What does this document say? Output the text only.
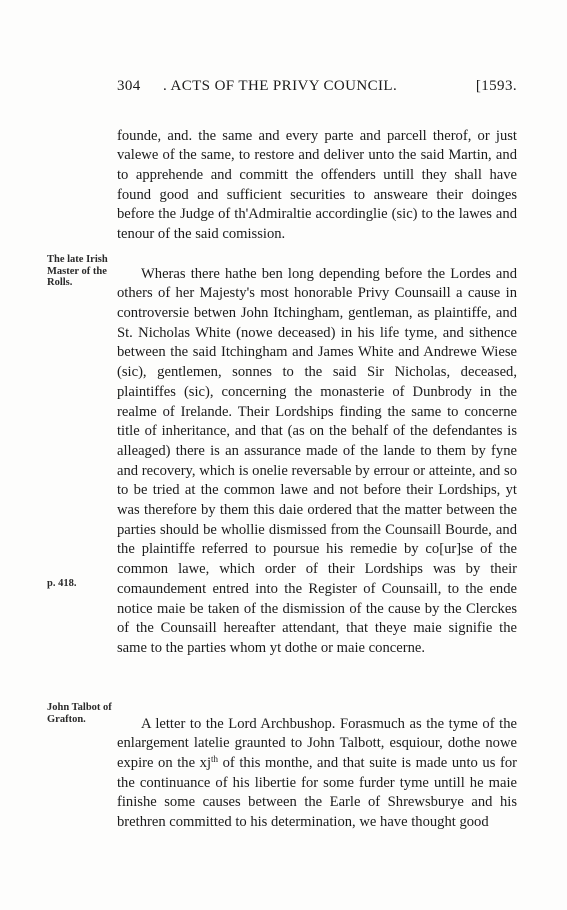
304 . ACTS OF THE PRIVY COUNCIL.	[1593.
The late Irish Master of the Rolls.
p. 418.
John Talbot of Grafton.

founde, and. the same and every parte and parcell therof, or just valewe of the same, to restore and deliver unto the said Martin, and to apprehende and committ the offenders untill they shall have found good and sufficient securities to answeare their doinges before the Judge of th'Admiraltie accordinglie (sic) to the lawes and tenour of the said comission.

Wheras there hathe ben long depending before the Lordes and others of her Majesty's most honorable Privy Counsaill a cause in controversie betwen John Itchingham, gentleman, as plaintiffe, and St. Nicholas White (nowe deceased) in his life tyme, and sithence between the said Itchingham and James White and Andrewe Wiese (sic), gentlemen, sonnes to the said Sir Nicholas, deceased, plaintiffes (sic), concerning the monasterie of Dunbrody in the realme of Irelande. Their Lordships finding the same to concerne title of inheritance, and that (as on the behalf of the defendantes is alleaged) there is an assurance made of the lande to them by fyne and recovery, which is onelie reversable by errour or atteinte, and so to be tried at the common lawe and not before their Lordships, yt was therefore by them this daie ordered that the matter between the parties should be whollie dismissed from the Counsaill Bourde, and the plaintiffe referred to poursue his remedie by co[ur]se of the common lawe, which order of their Lordships was by their comaundement entred into the Register of Counsaill, to the ende notice maie be taken of the dismission of the cause by the Clerckes of the Counsaill hereafter attendant, that theye maie signifie the same to the parties whom yt dothe or maie concerne.

A letter to the Lord Archbushop. Forasmuch as the tyme of the enlargement latelie graunted to John Talbott, esquiour, dothe nowe expire on the $xj^{th}$ of this monthe, and that suite is made unto us for the continuance of his libertie for some furder tyme untill he maie finishe some causes between the Earle of Shrewsburye and his brethren committed to his determination, we have thought good
